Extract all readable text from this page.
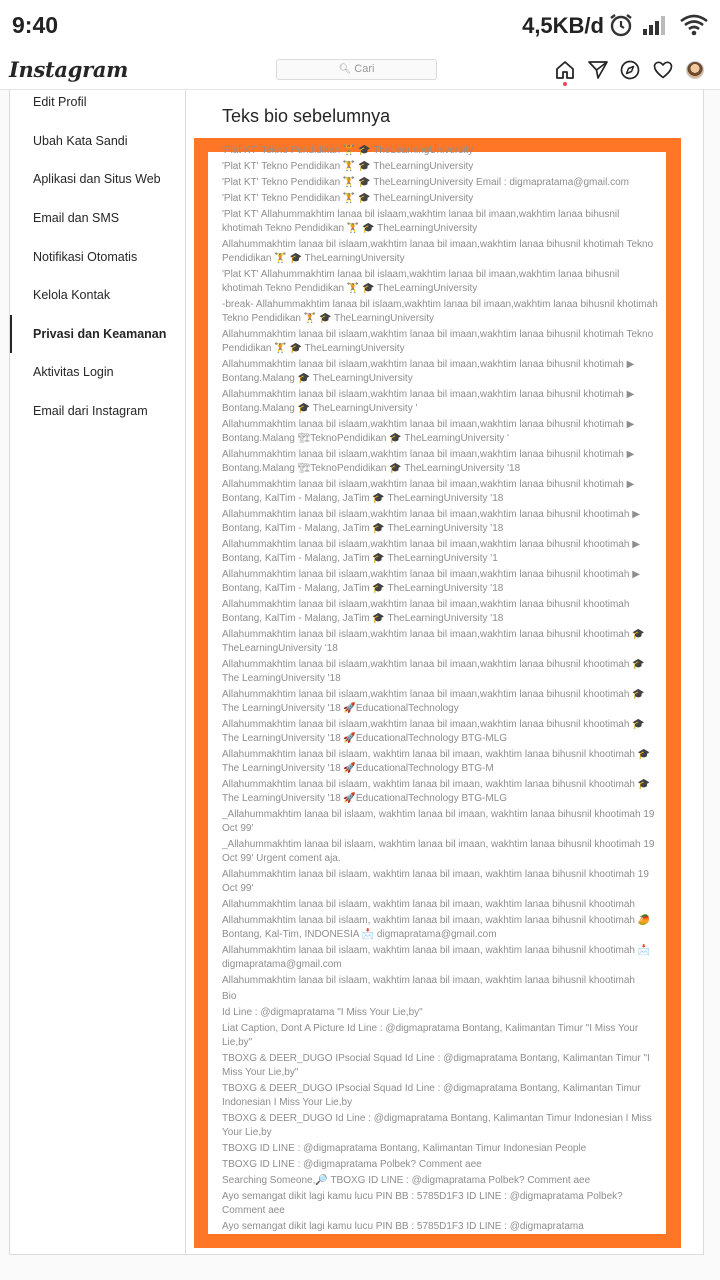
9:40	4,5KB/d
Instagram	🔍︎ Cari
Edit Profil
Ubah Kata Sandi
Aplikasi dan Situs Web
Email dan SMS
Notifikasi Otomatis
Kelola Kontak
Privasi dan Keamanan
Aktivitas Login
Email dari Instagram
Teks bio sebelumnya
'Plat KT' Tekno Pendidikan 🏋 🎓 TheLearningUniversity
'Plat KT' Tekno Pendidikan 🏋 🎓 TheLearningUniversity
'Plat KT' Tekno Pendidikan 🏋 🎓 TheLearningUniversity Email : digmapratama@gmail.com
'Plat KT' Tekno Pendidikan 🏋 🎓 TheLearningUniversity
'Plat KT' Allahummakhtim lanaa bil islaam,wakhtim lanaa bil imaan,wakhtim lanaa bihusnil khotimah Tekno Pendidikan 🏋 🎓 TheLearningUniversity
Allahummakhtim lanaa bil islaam,wakhtim lanaa bil imaan,wakhtim lanaa bihusnil khotimah Tekno Pendidikan 🏋 🎓 TheLearningUniversity
'Plat KT' Allahummakhtim lanaa bil islaam,wakhtim lanaa bil imaan,wakhtim lanaa bihusnil khotimah Tekno Pendidikan 🏋 🎓 TheLearningUniversity
-break- Allahummakhtim lanaa bil islaam,wakhtim lanaa bil imaan,wakhtim lanaa bihusnil khotimah Tekno Pendidikan 🏋 🎓 TheLearningUniversity
Allahummakhtim lanaa bil islaam,wakhtim lanaa bil imaan,wakhtim lanaa bihusnil khotimah Tekno Pendidikan 🏋 🎓 TheLearningUniversity
Allahummakhtim lanaa bil islaam,wakhtim lanaa bil imaan,wakhtim lanaa bihusnil khotimah ▶ Bontang.Malang 🎓 TheLearningUniversity
Allahummakhtim lanaa bil islaam,wakhtim lanaa bil imaan,wakhtim lanaa bihusnil khotimah ▶ Bontang.Malang 🎓 TheLearningUniversity '
Allahummakhtim lanaa bil islaam,wakhtim lanaa bil imaan,wakhtim lanaa bihusnil khotimah ▶ Bontang.Malang 🏗TeknoPendidikan 🎓 TheLearningUniversity '
Allahummakhtim lanaa bil islaam,wakhtim lanaa bil imaan,wakhtim lanaa bihusnil khotimah ▶ Bontang.Malang 🏗TeknoPendidikan 🎓 TheLearningUniversity '18
Allahummakhtim lanaa bil islaam,wakhtim lanaa bil imaan,wakhtim lanaa bihusnil khotimah ▶ Bontang, KalTim - Malang, JaTim 🎓 TheLearningUniversity '18
Allahummakhtim lanaa bil islaam,wakhtim lanaa bil imaan,wakhtim lanaa bihusnil khootimah ▶ Bontang, KalTim - Malang, JaTim 🎓 TheLearningUniversity '18
Allahummakhtim lanaa bil islaam,wakhtim lanaa bil imaan,wakhtim lanaa bihusnil khootimah ▶ Bontang, KalTim - Malang, JaTim 🎓 TheLearningUniversity '1
Allahummakhtim lanaa bil islaam,wakhtim lanaa bil imaan,wakhtim lanaa bihusnil khootimah ▶ Bontang, KalTim - Malang, JaTim 🎓 TheLearningUniversity '18
Allahummakhtim lanaa bil islaam,wakhtim lanaa bil imaan,wakhtim lanaa bihusnil khootimah Bontang, KalTim - Malang, JaTim 🎓 TheLearningUniversity '18
Allahummakhtim lanaa bil islaam,wakhtim lanaa bil imaan,wakhtim lanaa bihusnil khootimah 🎓 TheLearningUniversity '18
Allahummakhtim lanaa bil islaam,wakhtim lanaa bil imaan,wakhtim lanaa bihusnil khootimah 🎓 The LearningUniversity '18
Allahummakhtim lanaa bil islaam,wakhtim lanaa bil imaan,wakhtim lanaa bihusnil khootimah 🎓 The LearningUniversity '18 🚀EducationalTechnology
Allahummakhtim lanaa bil islaam,wakhtim lanaa bil imaan,wakhtim lanaa bihusnil khootimah 🎓 The LearningUniversity '18 🚀EducationalTechnology BTG-MLG
Allahummakhtim lanaa bil islaam, wakhtim lanaa bil imaan, wakhtim lanaa bihusnil khootimah 🎓 The LearningUniversity '18 🚀EducationalTechnology BTG-M
Allahummakhtim lanaa bil islaam, wakhtim lanaa bil imaan, wakhtim lanaa bihusnil khootimah 🎓 The LearningUniversity '18 🚀EducationalTechnology BTG-MLG
_Allahummakhtim lanaa bil islaam, wakhtim lanaa bil imaan, wakhtim lanaa bihusnil khootimah 19 Oct 99'
_Allahummakhtim lanaa bil islaam, wakhtim lanaa bil imaan, wakhtim lanaa bihusnil khootimah 19 Oct 99' Urgent coment aja.
Allahummakhtim lanaa bil islaam, wakhtim lanaa bil imaan, wakhtim lanaa bihusnil khootimah 19 Oct 99'
Allahummakhtim lanaa bil islaam, wakhtim lanaa bil imaan, wakhtim lanaa bihusnil khootimah
Allahummakhtim lanaa bil islaam, wakhtim lanaa bil imaan, wakhtim lanaa bihusnil khootimah 🥭Bontang, Kal-Tim, INDONESIA 📩 digmapratama@gmail.com
Allahummakhtim lanaa bil islaam, wakhtim lanaa bil imaan, wakhtim lanaa bihusnil khootimah 📩 digmapratama@gmail.com
Allahummakhtim lanaa bil islaam, wakhtim lanaa bil imaan, wakhtim lanaa bihusnil khootimah
Bio
Id Line : @digmapratama "I Miss Your Lie,by"
Liat Caption, Dont A Picture Id Line : @digmapratama Bontang, Kalimantan Timur "I Miss Your Lie,by"
TBOXG & DEER_DUGO IPsocial Squad Id Line : @digmapratama Bontang, Kalimantan Timur "I Miss Your Lie,by"
TBOXG & DEER_DUGO IPsocial Squad Id Line : @digmapratama Bontang, Kalimantan Timur Indonesian I Miss Your Lie,by
TBOXG & DEER_DUGO Id Line : @digmapratama Bontang, Kalimantan Timur Indonesian I Miss Your Lie,by
TBOXG ID LINE : @digmapratama Bontang, Kalimantan Timur Indonesian People
TBOXG ID LINE : @digmapratama Polbek? Comment aee
Searching Someone,🔎 TBOXG ID LINE : @digmapratama Polbek? Comment aee
Ayo semangat dikit lagi kamu lucu PIN BB : 5785D1F3 ID LINE : @digmapratama Polbek? Comment aee
Ayo semangat dikit lagi kamu lucu PIN BB : 5785D1F3 ID LINE : @digmapratama
